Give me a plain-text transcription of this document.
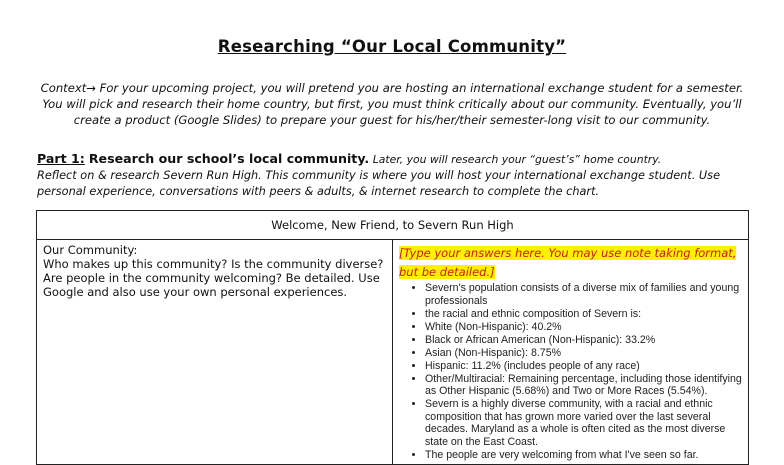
Researching “Our Local Community”
Context→ For your upcoming project, you will pretend you are hosting an international exchange student for a semester. You will pick and research their home country, but first, you must think critically about our community. Eventually, you’ll create a product (Google Slides) to prepare your guest for his/her/their semester-long visit to our community.
Part 1: Research our school’s local community. Later, you will research your “guest’s” home country.
Reflect on & research Severn Run High. This community is where you will host your international exchange student. Use personal experience, conversations with peers & adults, & internet research to complete the chart.
Welcome, New Friend, to Severn Run High

Our Community:
Who makes up this community? Is the community diverse? Are people in the community welcoming? Be detailed. Use Google and also use your own personal experiences.	[Type your answers here. You may use note taking format, but be detailed.]
• Severn's population consists of a diverse mix of families and young professionals
• the racial and ethnic composition of Severn is:
• White (Non-Hispanic): 40.2%
• Black or African American (Non-Hispanic): 33.2%
• Asian (Non-Hispanic): 8.75%
• Hispanic: 11.2% (includes people of any race)
• Other/Multiracial: Remaining percentage, including those identifying as Other Hispanic (5.68%) and Two or More Races (5.54%).
• Severn is a highly diverse community, with a racial and ethnic composition that has grown more varied over the last several decades. Maryland as a whole is often cited as the most diverse state on the East Coast.
• The people are very welcoming from what I've seen so far.
